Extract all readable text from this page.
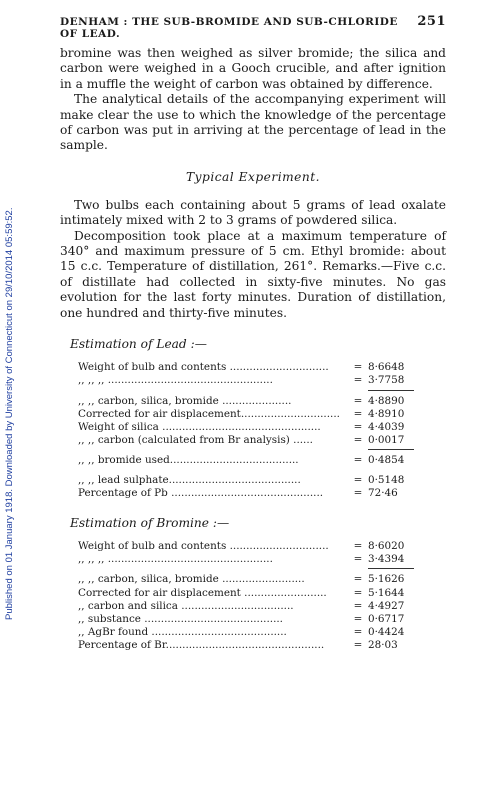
Published on 01 January 1918. Downloaded by University of Connecticut on 29/10/2014 05:59:52.
DENHAM : THE SUB-BROMIDE AND SUB-CHLORIDE OF LEAD.
251

bromine was then weighed as silver bromide; the silica and carbon were weighed in a Gooch crucible, and after ignition in a muffle the weight of carbon was obtained by difference.

The analytical details of the accompanying experiment will make clear the use to which the knowledge of the percentage of carbon was put in arriving at the percentage of lead in the sample.

Typical Experiment.

Two bulbs each containing about 5 grams of lead oxalate intimately mixed with 2 to 3 grams of powdered silica.

Decomposition took place at a maximum temperature of 340° and maximum pressure of 5 cm. Ethyl bromide: about 15 c.c. Temperature of distillation, 261°. Remarks.—Five c.c. of distillate had collected in sixty-five minutes. No gas evolution for the last forty minutes. Duration of distillation, one hundred and thirty-five minutes.

Estimation of Lead :—
Weight of bulb and contents ..............................	= 8·6648
,, ,, ,, ..................................................	= 3·7758
,, ,, carbon, silica, bromide .....................	= 4·8890
Corrected for air displacement..............................	= 4·8910
Weight of silica ................................................	= 4·4039
,, ,, carbon (calculated from Br analysis) ......	= 0·0017
,, ,, bromide used.......................................	= 0·4854
,, ,, lead sulphate........................................	= 0·5148
Percentage of Pb ..............................................	= 72·46
Estimation of Bromine :—
Weight of bulb and contents ..............................	= 8·6020
,, ,, ,, ..................................................	= 3·4394
,, ,, carbon, silica, bromide .........................	= 5·1626
Corrected for air displacement .........................	= 5·1644
,, carbon and silica ..................................	= 4·4927
,, substance ..........................................	= 0·6717
,, AgBr found .........................................	= 0·4424
Percentage of Br................................................	= 28·03
